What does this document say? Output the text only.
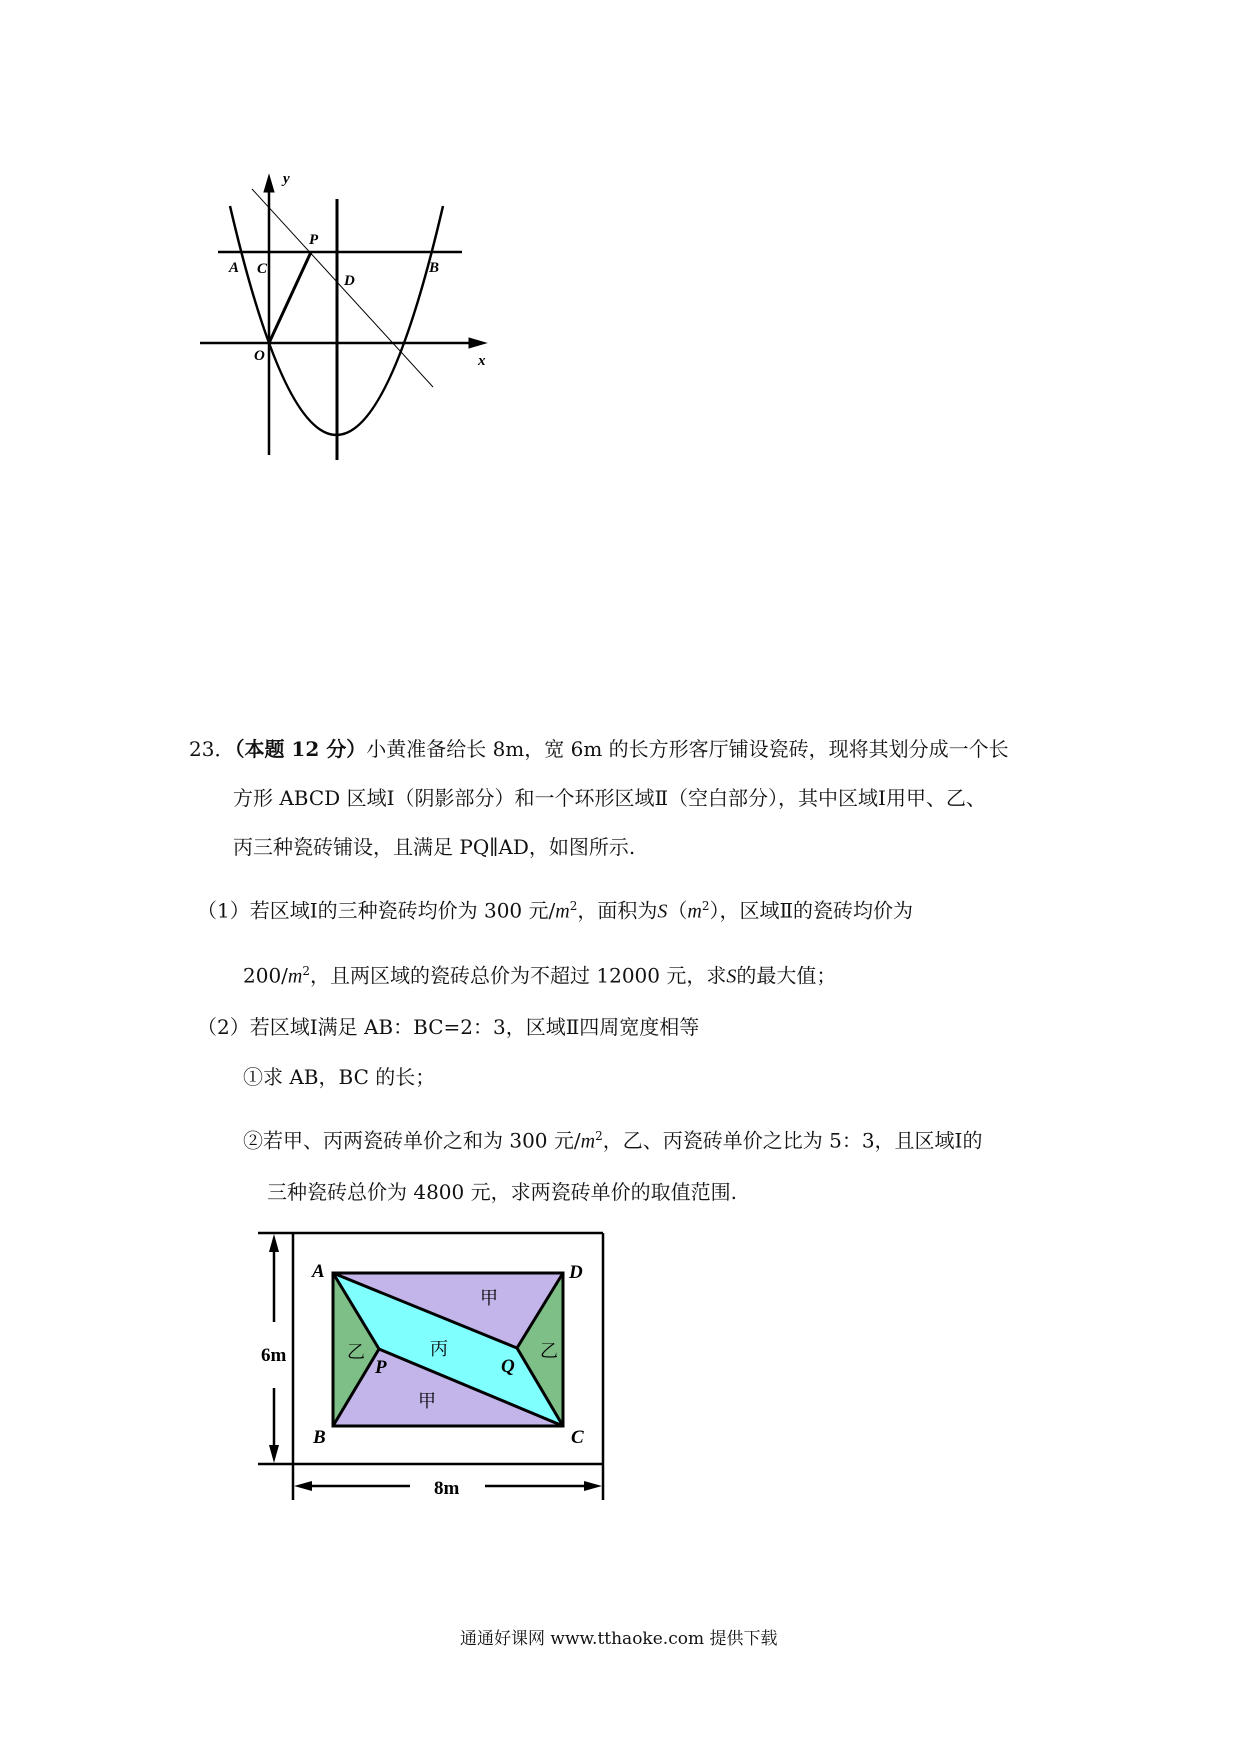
y
x
O
A C
P
D
B
6m
8m
A	D
B	C
P	Q
甲
甲
乙	乙
丙
23．（本题 12 分）小黄准备给长 8m，宽 6m 的长方形客厅铺设瓷砖，现将其划分成一个长
方形 ABCD 区域Ⅰ（阴影部分）和一个环形区域Ⅱ（空白部分），其中区域Ⅰ用甲、乙、
丙三种瓷砖铺设，且满足 PQ∥AD，如图所示.
（1）若区域Ⅰ的三种瓷砖均价为 300 元$/m^2$，面积为$S(m^2)$，区域Ⅱ的瓷砖均价为
$200/m^2$，且两区域的瓷砖总价为不超过 12000 元，求S的最大值；
（2）若区域Ⅰ满足 AB：BC=2：3，区域Ⅱ四周宽度相等
①求 AB，BC 的长；
②若甲、丙两瓷砖单价之和为 300 元$/m^2$，乙、丙瓷砖单价之比为 5：3，且区域Ⅰ的
三种瓷砖总价为 4800 元，求两瓷砖单价的取值范围.
通通好课网 www.tthaoke.com 提供下载
